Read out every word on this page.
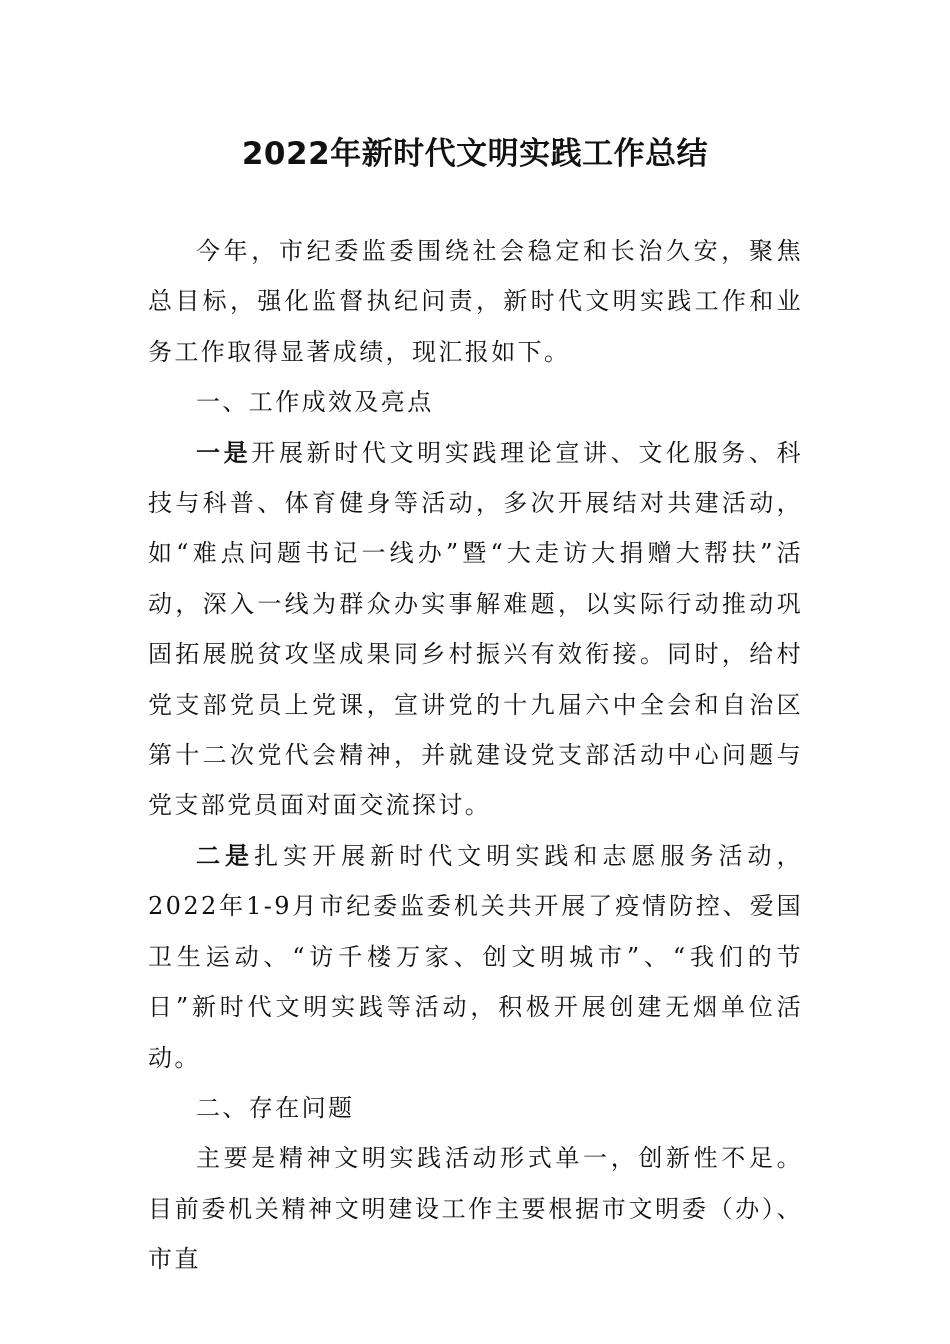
2022年新时代文明实践工作总结

今年，市纪委监委围绕社会稳定和长治久安，聚焦总目标，强化监督执纪问责，新时代文明实践工作和业务工作取得显著成绩，现汇报如下。

一、工作成效及亮点

一是开展新时代文明实践理论宣讲、文化服务、科技与科普、体育健身等活动，多次开展结对共建活动，如“难点问题书记一线办”暨“大走访大捐赠大帮扶”活动，深入一线为群众办实事解难题，以实际行动推动巩固拓展脱贫攻坚成果同乡村振兴有效衔接。同时，给村党支部党员上党课，宣讲党的十九届六中全会和自治区第十二次党代会精神，并就建设党支部活动中心问题与党支部党员面对面交流探讨。

二是扎实开展新时代文明实践和志愿服务活动，2022年1-9月市纪委监委机关共开展了疫情防控、爱国卫生运动、“访千楼万家、创文明城市”、“我们的节日”新时代文明实践等活动，积极开展创建无烟单位活动。

二、存在问题

主要是精神文明实践活动形式单一，创新性不足。目前委机关精神文明建设工作主要根据市文明委（办）、市直
